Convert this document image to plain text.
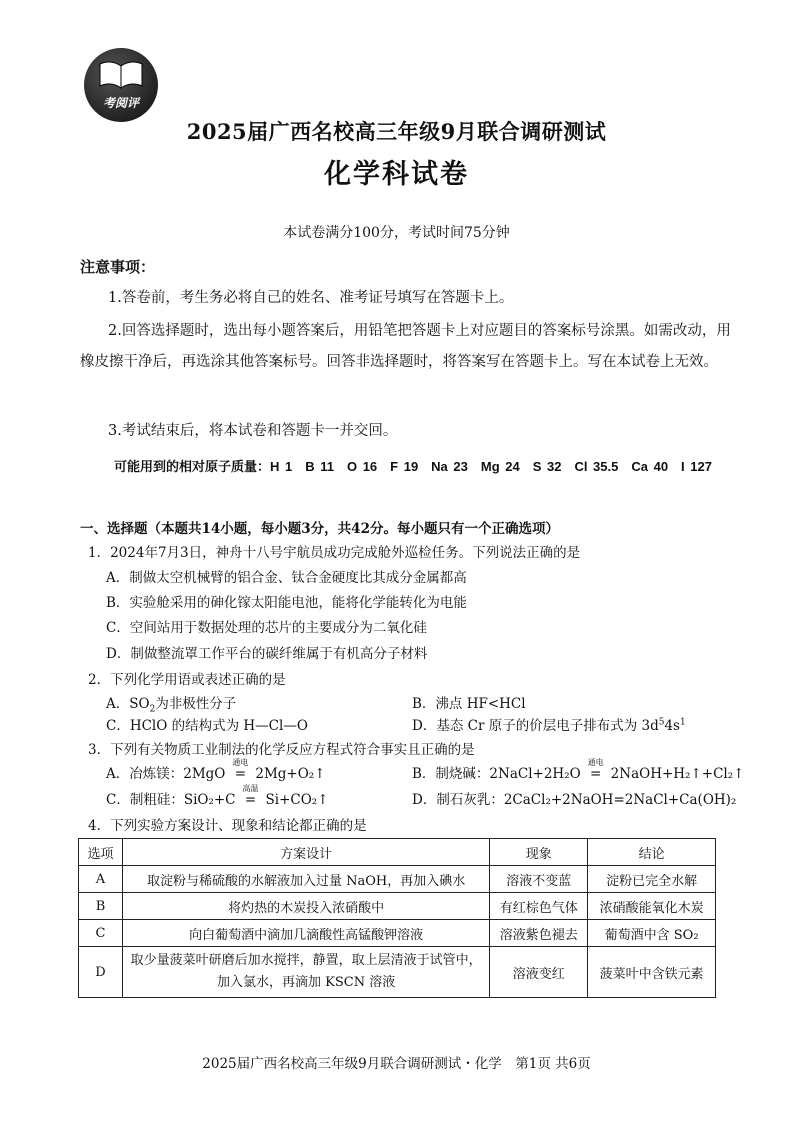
考阅评
2025届广西名校高三年级9月联合调研测试
化学科试卷
本试卷满分100分，考试时间75分钟
注意事项：
1.答卷前，考生务必将自己的姓名、准考证号填写在答题卡上。
2.回答选择题时，选出每小题答案后，用铅笔把答题卡上对应题目的答案标号涂黑。如需改动，用橡皮擦干净后，再选涂其他答案标号。回答非选择题时，将答案写在答题卡上。写在本试卷上无效。
3.考试结束后，将本试卷和答题卡一并交回。
可能用到的相对原子质量：H 1　B 11　O 16　F 19　Na 23　Mg 24　S 32　Cl 35.5　Ca 40　I 127
一、选择题（本题共14小题，每小题3分，共42分。每小题只有一个正确选项）
1．2024年7月3日，神舟十八号宇航员成功完成舱外巡检任务。下列说法正确的是
A．制做太空机械臂的铝合金、钛合金硬度比其成分金属都高
B．实验舱采用的砷化镓太阳能电池，能将化学能转化为电能
C．空间站用于数据处理的芯片的主要成分为二氧化硅
D．制做整流罩工作平台的碳纤维属于有机高分子材料
2．下列化学用语或表述正确的是
A．$SO_2$为非极性分子	B．沸点 HF<HCl
C．HClO 的结构式为 H—Cl—O	D．基态 Cr 原子的价层电子排布式为 $3d^54s^1$
3．下列有关物质工业制法的化学反应方程式符合事实且正确的是
A．冶炼镁：2MgO
通电
= 2Mg+O₂↑	B．制烧碱：2NaCl+2H₂O
通电
= 2NaOH+H₂↑+Cl₂↑
C．制粗硅：SiO₂+C
高温
= Si+CO₂↑	D．制石灰乳：2CaCl₂+2NaOH=2NaCl+Ca(OH)₂
4．下列实验方案设计、现象和结论都正确的是
选项	方案设计	现象	结论
A	取淀粉与稀硫酸的水解液加入过量 NaOH，再加入碘水	溶液不变蓝	淀粉已完全水解
B	将灼热的木炭投入浓硝酸中	有红棕色气体	浓硝酸能氧化木炭
C	向白葡萄酒中滴加几滴酸性高锰酸钾溶液	溶液紫色褪去	葡萄酒中含 SO₂
D	取少量菠菜叶研磨后加水搅拌，静置，取上层清液于试管中，加入氯水，再滴加 KSCN 溶液	溶液变红	菠菜叶中含铁元素
2025届广西名校高三年级9月联合调研测试・化学　第1页 共6页
